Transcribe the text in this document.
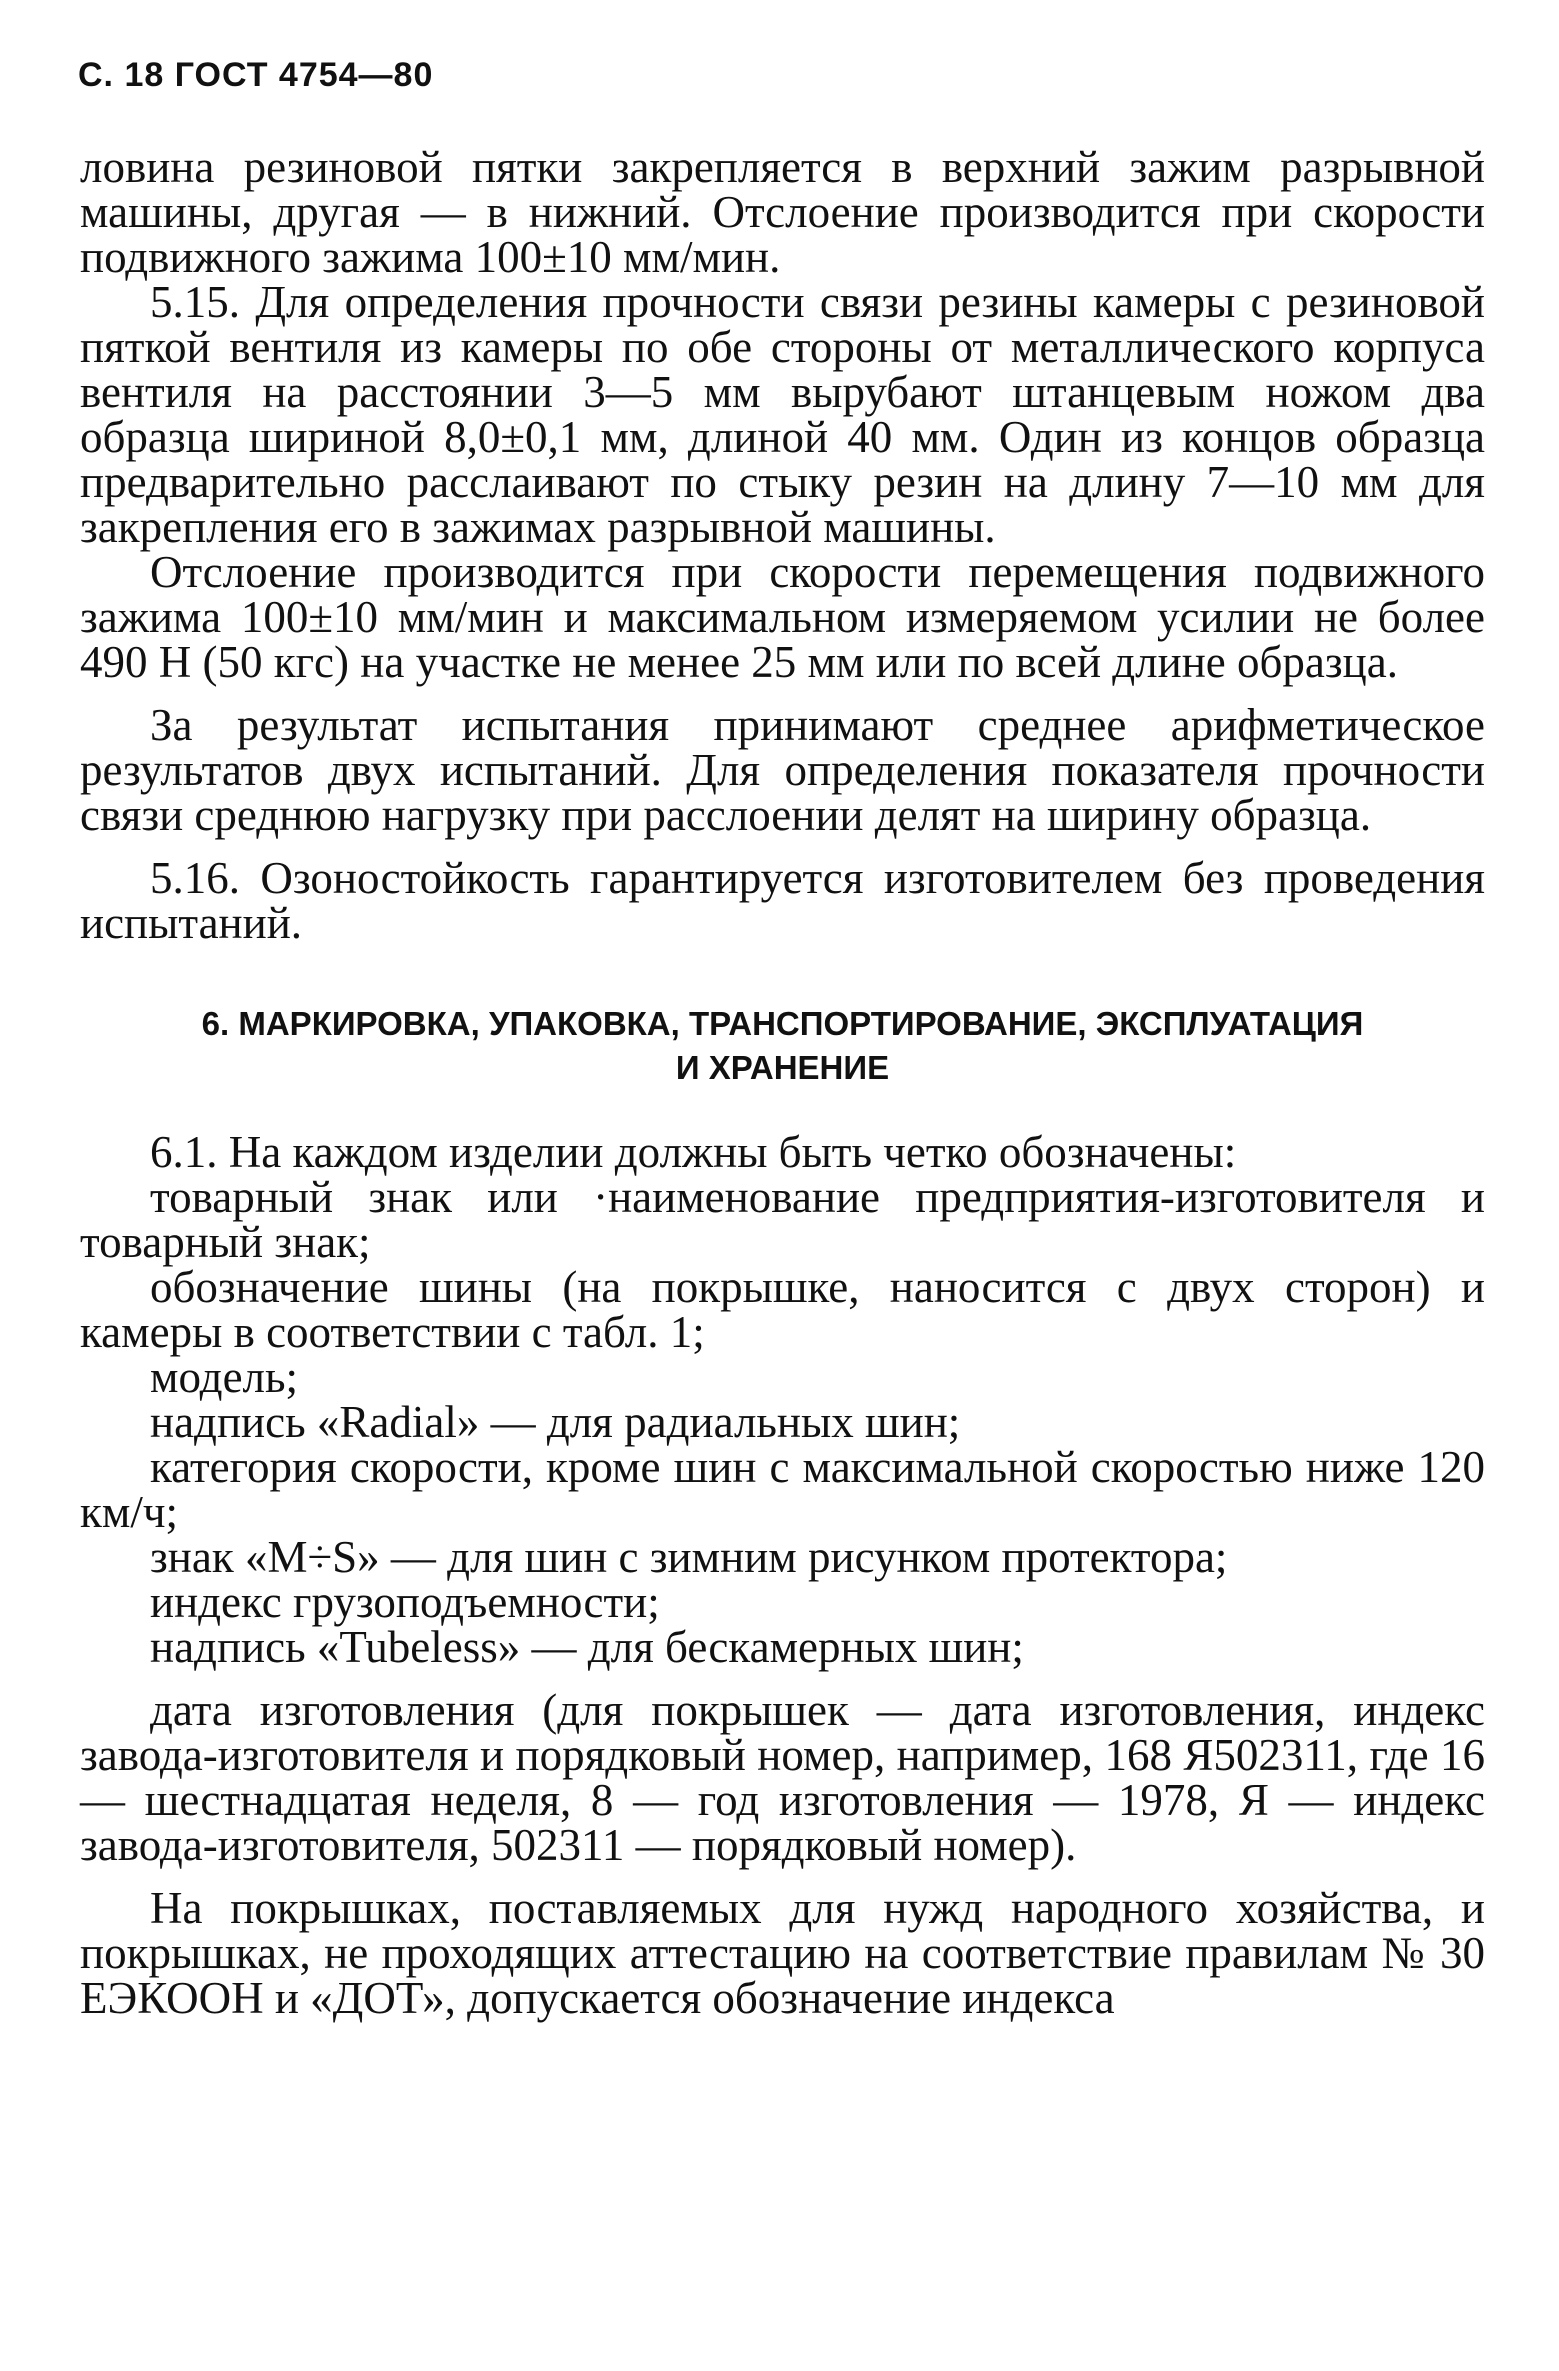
С. 18 ГОСТ 4754—80

ловина резиновой пятки закрепляется в верхний зажим разрывной машины, другая — в нижний. Отслоение производится при скорости подвижного зажима 100±10 мм/мин.

5.15. Для определения прочности связи резины камеры с резиновой пяткой вентиля из камеры по обе стороны от металлического корпуса вентиля на расстоянии 3—5 мм вырубают штанцевым ножом два образца шириной 8,0±0,1 мм, длиной 40 мм. Один из концов образца предварительно расслаивают по стыку резин на длину 7—10 мм для закрепления его в зажимах разрывной машины.

Отслоение производится при скорости перемещения подвижного зажима 100±10 мм/мин и максимальном измеряемом усилии не более 490 Н (50 кгс) на участке не менее 25 мм или по всей длине образца.

За результат испытания принимают среднее арифметическое результатов двух испытаний. Для определения показателя прочности связи среднюю нагрузку при расслоении делят на ширину образца.

5.16. Озоностойкость гарантируется изготовителем без проведения испытаний.

6. МАРКИРОВКА, УПАКОВКА, ТРАНСПОРТИРОВАНИЕ, ЭКСПЛУАТАЦИЯ
И ХРАНЕНИЕ

6.1. На каждом изделии должны быть четко обозначены:

товарный знак или ·наименование предприятия-изготовителя и товарный знак;

обозначение шины (на покрышке, наносится с двух сторон) и камеры в соответствии с табл. 1;

модель;

надпись «Radial» — для радиальных шин;

категория скорости, кроме шин с максимальной скоростью ниже 120 км/ч;

знак «M÷S» — для шин с зимним рисунком протектора;

индекс грузоподъемности;

надпись «Tubeless» — для бескамерных шин;

дата изготовления (для покрышек — дата изготовления, индекс завода-изготовителя и порядковый номер, например, 168 Я502311, где 16 — шестнадцатая неделя, 8 — год изготовления — 1978, Я — индекс завода-изготовителя, 502311 — порядковый номер).

На покрышках, поставляемых для нужд народного хозяйства, и покрышках, не проходящих аттестацию на соответствие правилам № 30 ЕЭКООН и «ДОТ», допускается обозначение индекса
